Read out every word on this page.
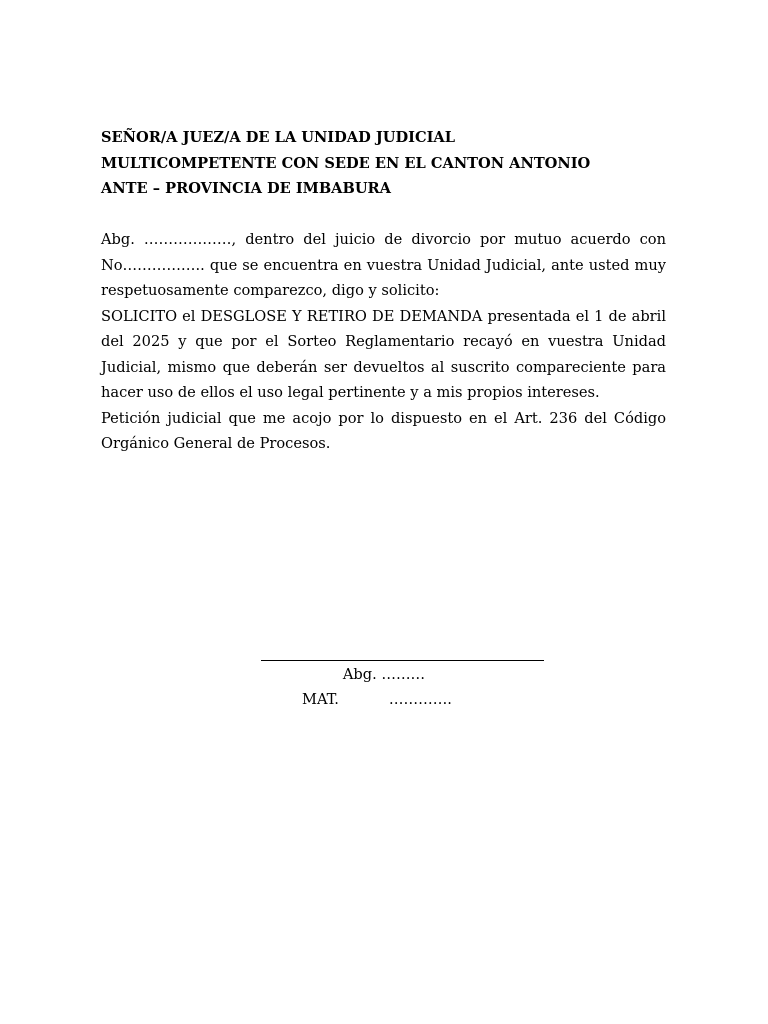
SEÑOR/A JUEZ/A DE LA UNIDAD JUDICIAL
MULTICOMPETENTE CON SEDE EN EL CANTON ANTONIO
ANTE – PROVINCIA DE IMBABURA

Abg. ………………, dentro del juicio de divorcio por mutuo acuerdo con No…………….. que se encuentra en vuestra Unidad Judicial, ante usted muy respetuosamente comparezco, digo y solicito:

SOLICITO el DESGLOSE Y RETIRO DE DEMANDA presentada el 1 de abril del 2025 y que por el Sorteo Reglamentario recayó en vuestra Unidad Judicial, mismo que deberán ser devueltos al suscrito compareciente para hacer uso de ellos el uso legal pertinente y a mis propios intereses.

Petición judicial que me acojo por lo dispuesto en el Art. 236 del Código Orgánico General de Procesos.

Abg. ………
MAT.	………….
